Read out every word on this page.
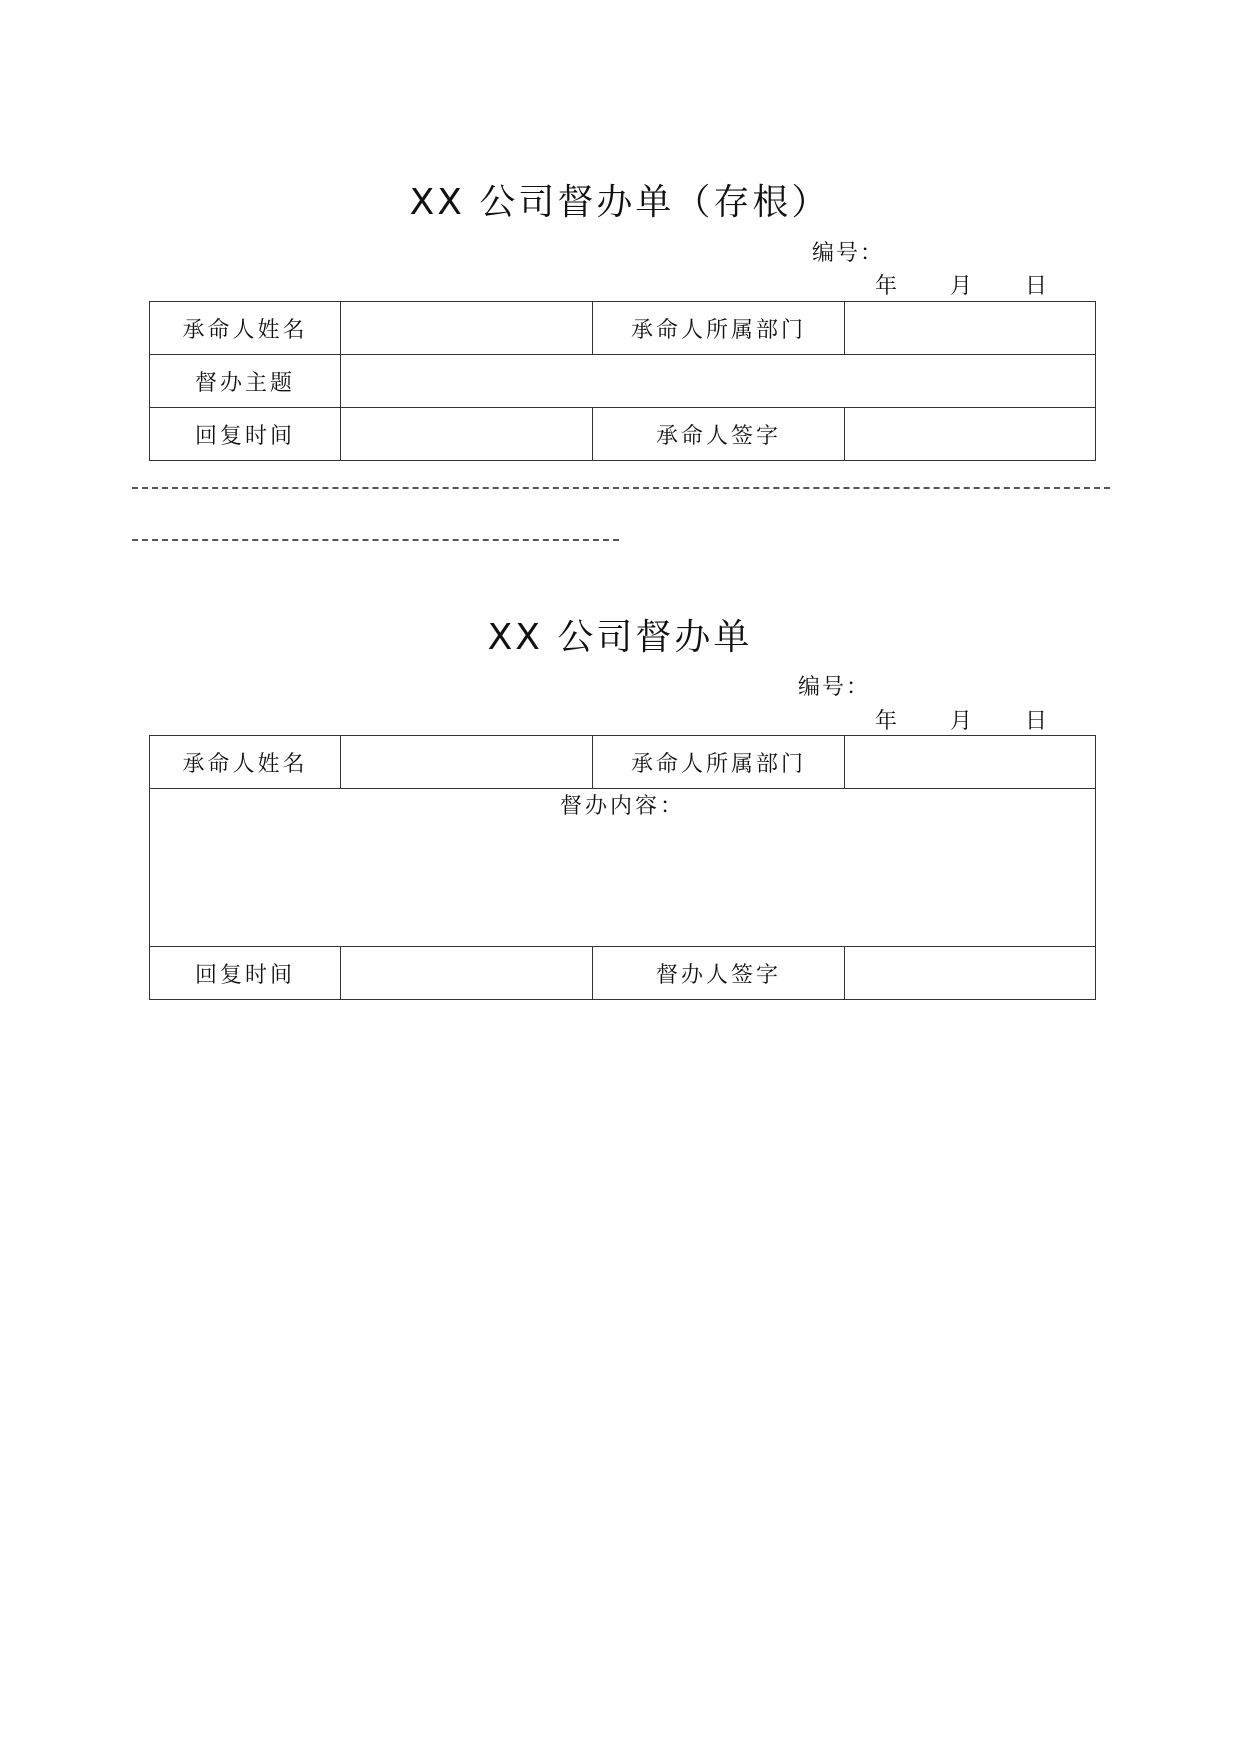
XX 公司督办单（存根）
编号：
年 月 日
承命人姓名		承命人所属部门	
督办主题			
回复时间		承命人签字	
XX 公司督办单
编号：
年 月 日
承命人姓名		承命人所属部门	
督办内容：			
回复时间		督办人签字	
